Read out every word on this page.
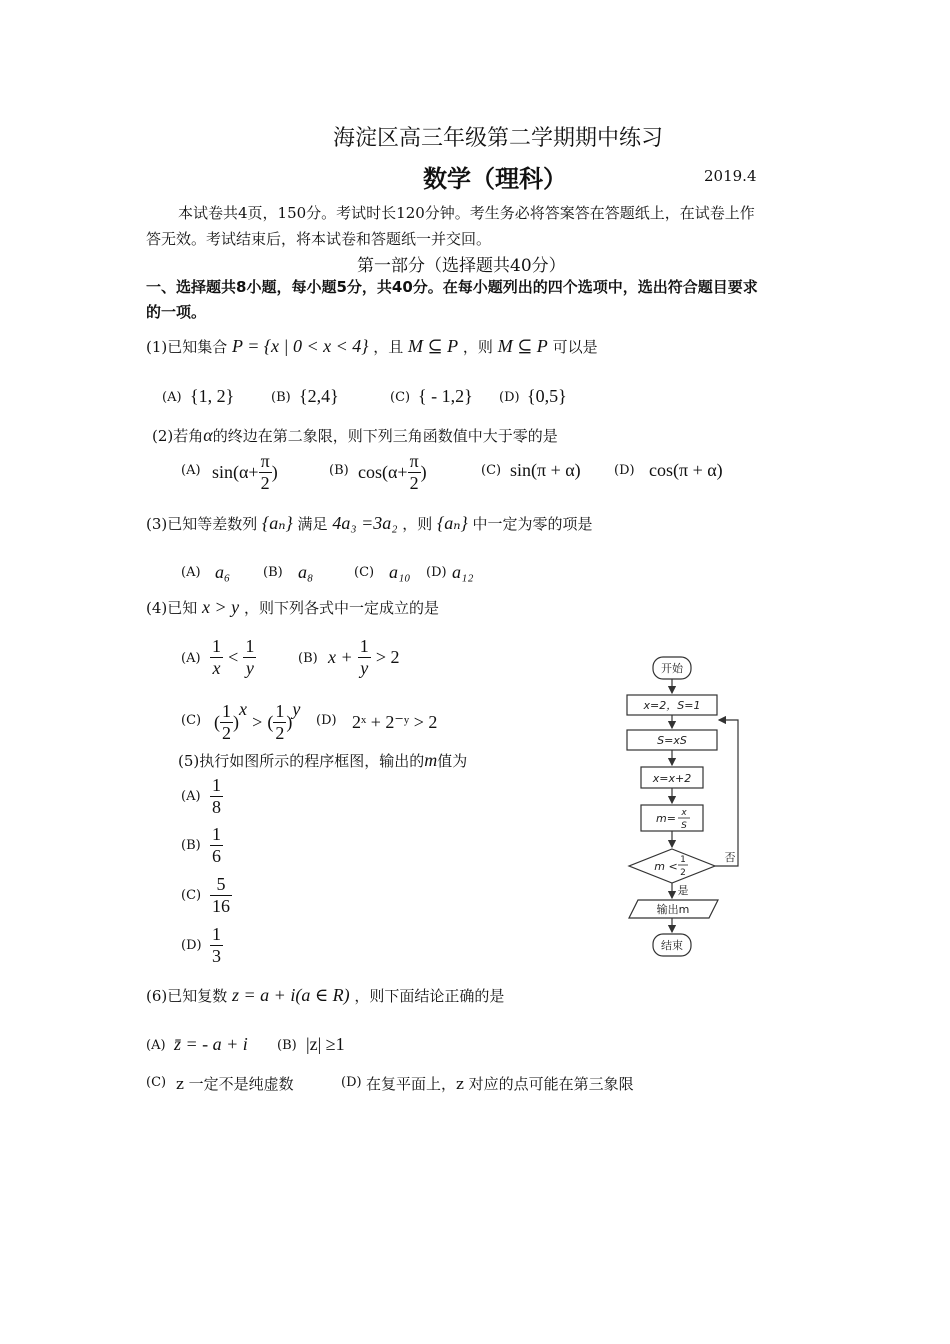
海淀区高三年级第二学期期中练习
数学（理科）	2019.4
本试卷共4页，150分。考试时长120分钟。考生务必将答案答在答题纸上，在试卷上作
答无效。考试结束后，将本试卷和答题纸一并交回。
第一部分（选择题共40分）
一、选择题共8小题，每小题5分，共40分。在每小题列出的四个选项中，选出符合题目要求
的一项。
(1)已知集合 P = {x | 0 < x < 4} ，且 M ⊆ P ，则 M ⊆ P 可以是
(A) {1, 2}	(B) {2,4}	(C) { - 1,2} (D) {0,5}
(2)若角α的终边在第二象限，则下列三角函数值中大于零的是
(A) $\sin(\alpha+ \frac{\pi}{2}$ )	(B) $\cos(\alpha+ \frac{\pi}{2}$ )	(C) sin(π + α)	(D) cos(π + α)
(3)已知等差数列 {aₙ} 满足 4a₃ =3a₂ ，则 {aₙ} 中一定为零的项是
(A) a₆	(B) a₈	(C) a₁₀ (D) a₁₂
(4)已知 x > y ，则下列各式中一定成立的是
$(A) \frac{1}{x} < \frac{1}{y}$	(B) $x + \frac{1}{y} > 2$
(C) ( $\frac{1}{2} )^x$ > ( $\frac{1}{2} )^y$
(D) 2ˣ + 2⁻ʸ > 2
(5)执行如图所示的程序框图，输出的m值为
$(A) \frac{1}{8}$
$(B) \frac{1}{6}$
$(C) \frac{5}{16}$
$(D) \frac{1}{3}$
开始
x=2，S=1
S=xS
x=x+2
m= x
S
m < 1
2
否
是
输出m
结束
(6)已知复数 z = a + i(a ∈ R) ，则下面结论正确的是
(A) z̄ = - a + i (B) |z| ≥1
(C) z 一定不是纯虚数	(D) 在复平面上，z 对应的点可能在第三象限
